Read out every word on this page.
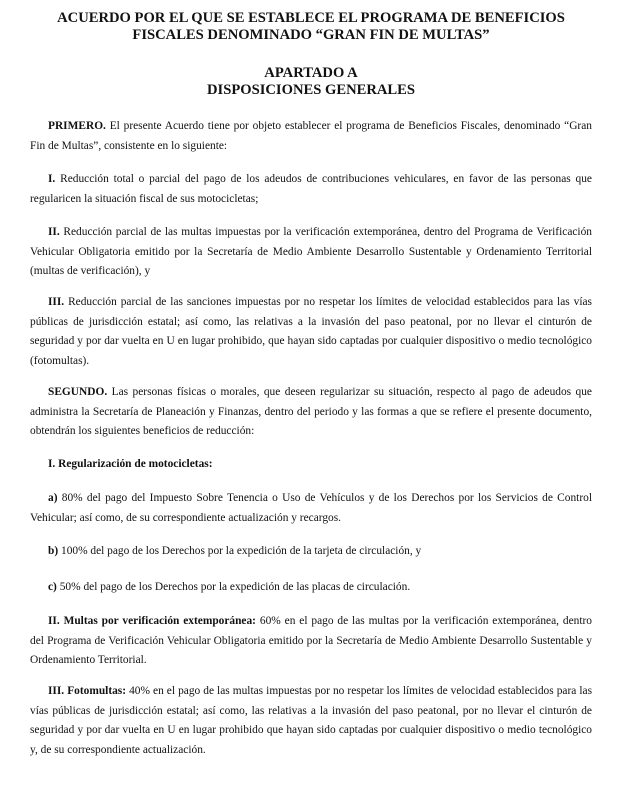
ACUERDO POR EL QUE SE ESTABLECE EL PROGRAMA DE BENEFICIOS
FISCALES DENOMINADO “GRAN FIN DE MULTAS”
APARTADO A
DISPOSICIONES GENERALES

PRIMERO. El presente Acuerdo tiene por objeto establecer el programa de Beneficios Fiscales, denominado “Gran Fin de Multas”, consistente en lo siguiente:

I. Reducción total o parcial del pago de los adeudos de contribuciones vehiculares, en favor de las personas que regularicen la situación fiscal de sus motocicletas;

II. Reducción parcial de las multas impuestas por la verificación extemporánea, dentro del Programa de Verificación Vehicular Obligatoria emitido por la Secretaría de Medio Ambiente Desarrollo Sustentable y Ordenamiento Territorial (multas de verificación), y

III. Reducción parcial de las sanciones impuestas por no respetar los límites de velocidad establecidos para las vías públicas de jurisdicción estatal; así como, las relativas a la invasión del paso peatonal, por no llevar el cinturón de seguridad y por dar vuelta en U en lugar prohibido, que hayan sido captadas por cualquier dispositivo o medio tecnológico (fotomultas).

SEGUNDO. Las personas físicas o morales, que deseen regularizar su situación, respecto al pago de adeudos que administra la Secretaría de Planeación y Finanzas, dentro del periodo y las formas a que se refiere el presente documento, obtendrán los siguientes beneficios de reducción:

I. Regularización de motocicletas:

a) 80% del pago del Impuesto Sobre Tenencia o Uso de Vehículos y de los Derechos por los Servicios de Control Vehicular; así como, de su correspondiente actualización y recargos.

b) 100% del pago de los Derechos por la expedición de la tarjeta de circulación, y

c) 50% del pago de los Derechos por la expedición de las placas de circulación.

II. Multas por verificación extemporánea: 60% en el pago de las multas por la verificación extemporánea, dentro del Programa de Verificación Vehicular Obligatoria emitido por la Secretaría de Medio Ambiente Desarrollo Sustentable y Ordenamiento Territorial.

III. Fotomultas: 40% en el pago de las multas impuestas por no respetar los límites de velocidad establecidos para las vías públicas de jurisdicción estatal; así como, las relativas a la invasión del paso peatonal, por no llevar el cinturón de seguridad y por dar vuelta en U en lugar prohibido que hayan sido captadas por cualquier dispositivo o medio tecnológico y, de su correspondiente actualización.
